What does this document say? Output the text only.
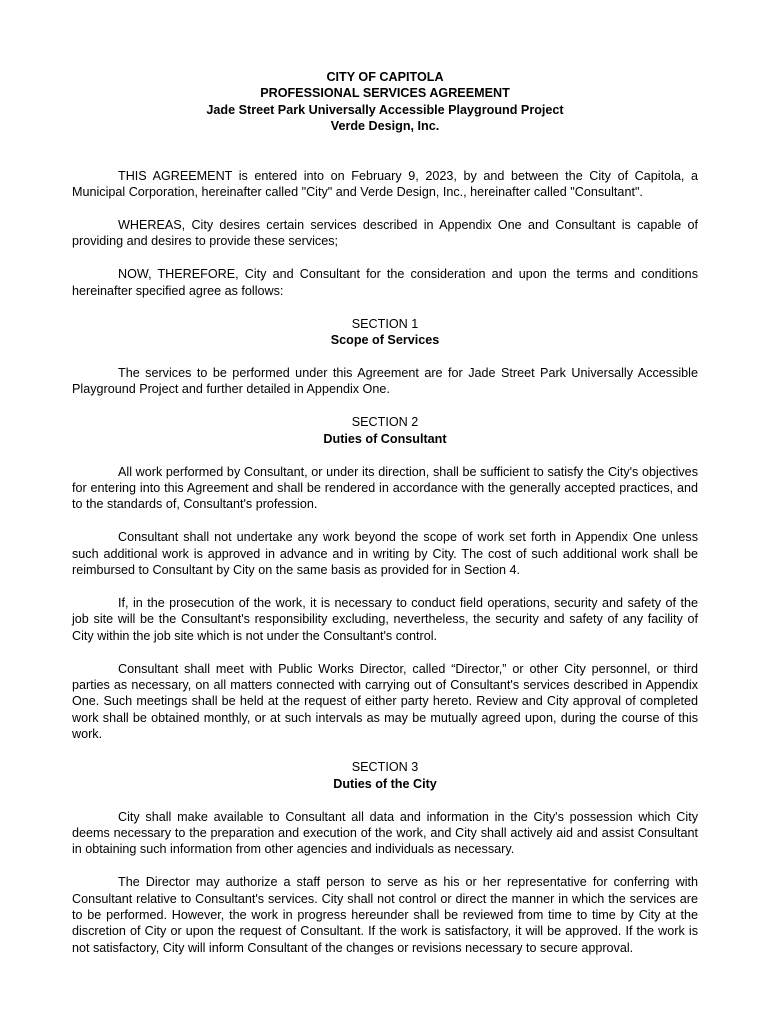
CITY OF CAPITOLA
PROFESSIONAL SERVICES AGREEMENT
Jade Street Park Universally Accessible Playground Project
Verde Design, Inc.

THIS AGREEMENT is entered into on February 9, 2023, by and between the City of Capitola, a Municipal Corporation, hereinafter called "City" and Verde Design, Inc., hereinafter called "Consultant".

WHEREAS, City desires certain services described in Appendix One and Consultant is capable of providing and desires to provide these services;

NOW, THEREFORE, City and Consultant for the consideration and upon the terms and conditions hereinafter specified agree as follows:

SECTION 1
Scope of Services

The services to be performed under this Agreement are for Jade Street Park Universally Accessible Playground Project and further detailed in Appendix One.

SECTION 2
Duties of Consultant

All work performed by Consultant, or under its direction, shall be sufficient to satisfy the City's objectives for entering into this Agreement and shall be rendered in accordance with the generally accepted practices, and to the standards of, Consultant's profession.

Consultant shall not undertake any work beyond the scope of work set forth in Appendix One unless such additional work is approved in advance and in writing by City. The cost of such additional work shall be reimbursed to Consultant by City on the same basis as provided for in Section 4.

If, in the prosecution of the work, it is necessary to conduct field operations, security and safety of the job site will be the Consultant's responsibility excluding, nevertheless, the security and safety of any facility of City within the job site which is not under the Consultant's control.

Consultant shall meet with Public Works Director, called “Director,” or other City personnel, or third parties as necessary, on all matters connected with carrying out of Consultant's services described in Appendix One. Such meetings shall be held at the request of either party hereto. Review and City approval of completed work shall be obtained monthly, or at such intervals as may be mutually agreed upon, during the course of this work.

SECTION 3
Duties of the City

City shall make available to Consultant all data and information in the City's possession which City deems necessary to the preparation and execution of the work, and City shall actively aid and assist Consultant in obtaining such information from other agencies and individuals as necessary.

The Director may authorize a staff person to serve as his or her representative for conferring with Consultant relative to Consultant's services. City shall not control or direct the manner in which the services are to be performed. However, the work in progress hereunder shall be reviewed from time to time by City at the discretion of City or upon the request of Consultant. If the work is satisfactory, it will be approved. If the work is not satisfactory, City will inform Consultant of the changes or revisions necessary to secure approval.
